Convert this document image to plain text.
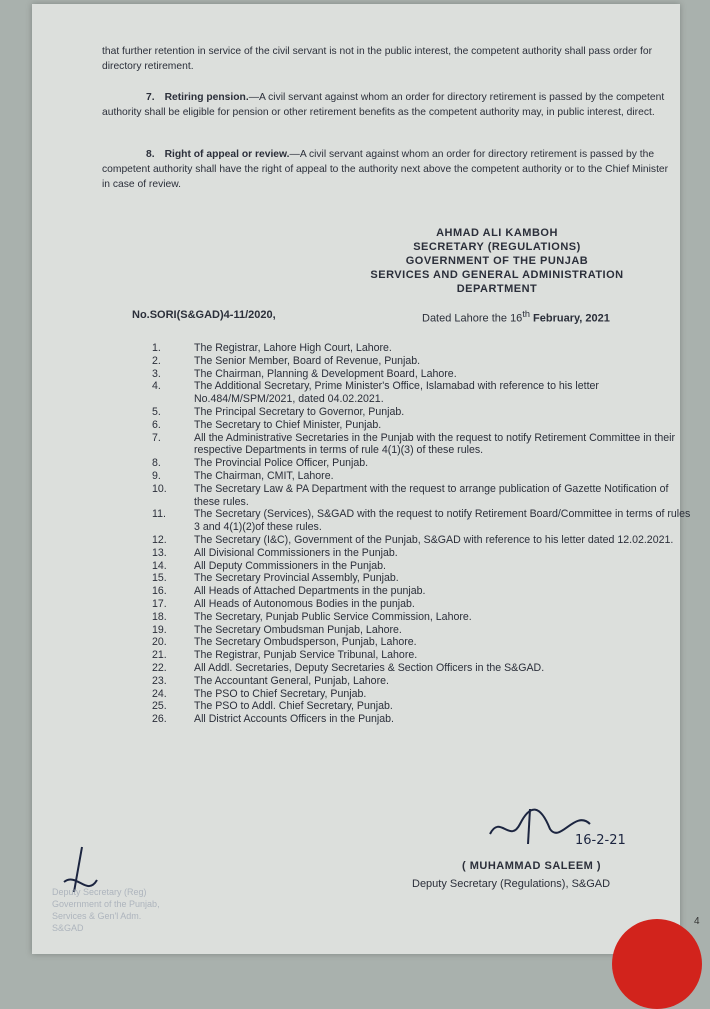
that further retention in service of the civil servant is not in the public interest, the competent authority shall pass order for directory retirement.
7. Retiring pension.—A civil servant against whom an order for directory retirement is passed by the competent authority shall be eligible for pension or other retirement benefits as the competent authority may, in public interest, direct.
8. Right of appeal or review.—A civil servant against whom an order for directory retirement is passed by the competent authority shall have the right of appeal to the authority next above the competent authority or to the Chief Minister in case of review.
AHMAD ALI KAMBOH
SECRETARY (REGULATIONS)
GOVERNMENT OF THE PUNJAB
SERVICES AND GENERAL ADMINISTRATION
DEPARTMENT
No.SORI(S&GAD)4-11/2020,	Dated Lahore the 16th February, 2021
1.	The Registrar, Lahore High Court, Lahore.
2.	The Senior Member, Board of Revenue, Punjab.
3.	The Chairman, Planning & Development Board, Lahore.
4.	The Additional Secretary, Prime Minister's Office, Islamabad with reference to his letter No.484/M/SPM/2021, dated 04.02.2021.
5.	The Principal Secretary to Governor, Punjab.
6.	The Secretary to Chief Minister, Punjab.
7.	All the Administrative Secretaries in the Punjab with the request to notify Retirement Committee in their respective Departments in terms of rule 4(1)(3) of these rules.
8.	The Provincial Police Officer, Punjab.
9.	The Chairman, CMIT, Lahore.
10.	The Secretary Law & PA Department with the request to arrange publication of Gazette Notification of these rules.
11.	The Secretary (Services), S&GAD with the request to notify Retirement Board/Committee in terms of rules 3 and 4(1)(2)of these rules.
12.	The Secretary (I&C), Government of the Punjab, S&GAD with reference to his letter dated 12.02.2021.
13.	All Divisional Commissioners in the Punjab.
14.	All Deputy Commissioners in the Punjab.
15.	The Secretary Provincial Assembly, Punjab.
16.	All Heads of Attached Departments in the punjab.
17.	All Heads of Autonomous Bodies in the punjab.
18.	The Secretary, Punjab Public Service Commission, Lahore.
19.	The Secretary Ombudsman Punjab, Lahore.
20.	The Secretary Ombudsperson, Punjab, Lahore.
21.	The Registrar, Punjab Service Tribunal, Lahore.
22.	All Addl. Secretaries, Deputy Secretaries & Section Officers in the S&GAD.
23.	The Accountant General, Punjab, Lahore.
24.	The PSO to Chief Secretary, Punjab.
25.	The PSO to Addl. Chief Secretary, Punjab.
26.	All District Accounts Officers in the Punjab.
16-2-21
( MUHAMMAD SALEEM )
Deputy Secretary (Regulations), S&GAD
Deputy Secretary (Reg)
Government of the Punjab,
Services & Gen'l Adm.
S&GAD
4
